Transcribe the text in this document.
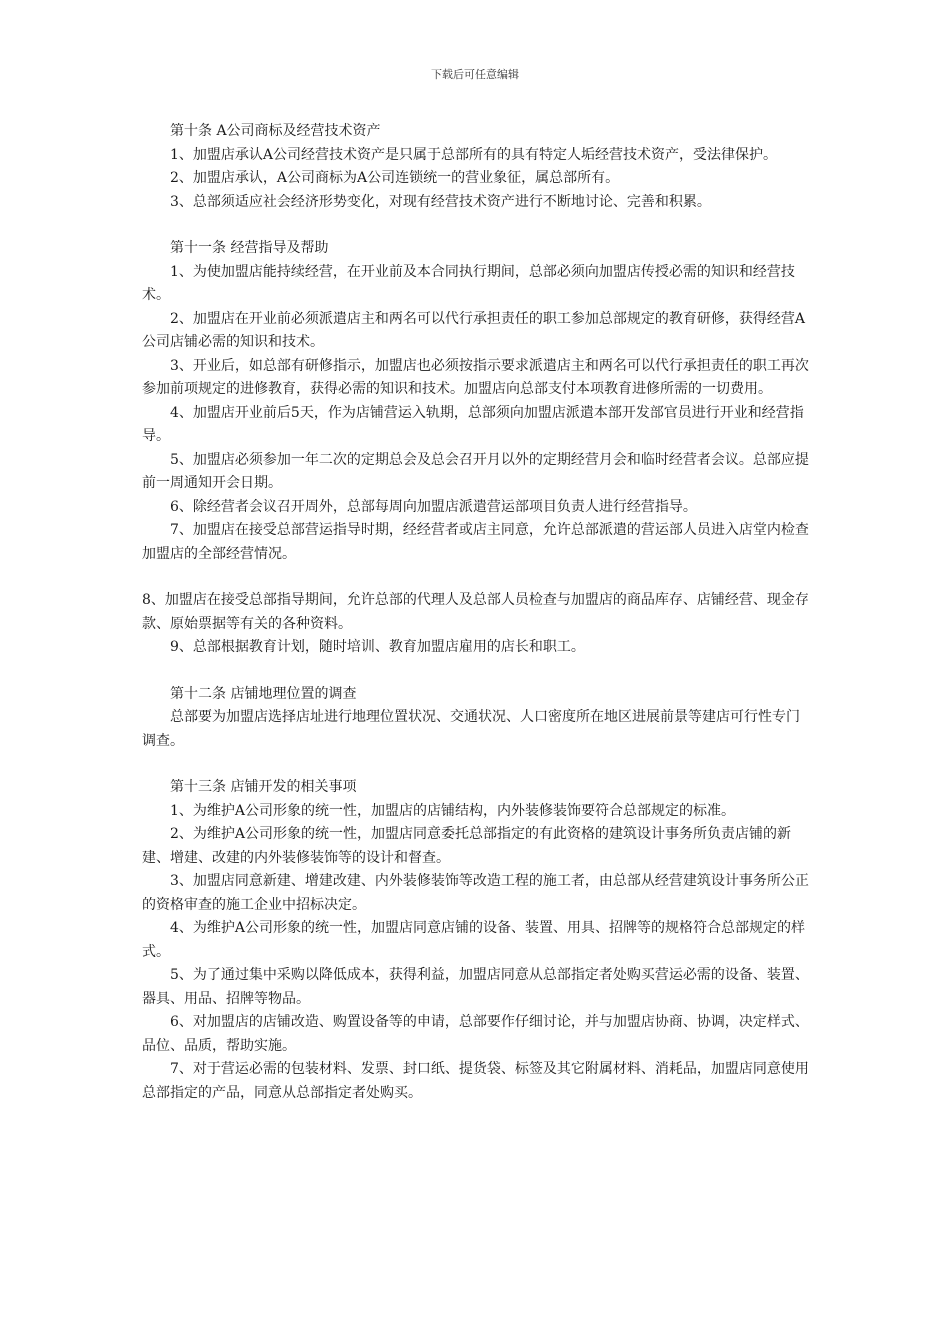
下载后可任意编辑

第十条 A公司商标及经营技术资产

1、加盟店承认A公司经营技术资产是只属于总部所有的具有特定人垢经营技术资产，受法律保护。

2、加盟店承认，A公司商标为A公司连锁统一的营业象征，属总部所有。

3、总部须适应社会经济形势变化，对现有经营技术资产进行不断地讨论、完善和积累。

第十一条 经营指导及帮助

1、为使加盟店能持续经营，在开业前及本合同执行期间，总部必须向加盟店传授必需的知识和经营技术。

2、加盟店在开业前必须派遣店主和两名可以代行承担责任的职工参加总部规定的教育研修，获得经营A公司店铺必需的知识和技术。

3、开业后，如总部有研修指示，加盟店也必须按指示要求派遣店主和两名可以代行承担责任的职工再次参加前项规定的进修教育，获得必需的知识和技术。加盟店向总部支付本项教育进修所需的一切费用。

4、加盟店开业前后5天，作为店铺营运入轨期，总部须向加盟店派遣本部开发部官员进行开业和经营指导。

5、加盟店必须参加一年二次的定期总会及总会召开月以外的定期经营月会和临时经营者会议。总部应提前一周通知开会日期。

6、除经营者会议召开周外，总部每周向加盟店派遣营运部项目负责人进行经营指导。

7、加盟店在接受总部营运指导时期，经经营者或店主同意，允许总部派遣的营运部人员进入店堂内检查加盟店的全部经营情况。

8、加盟店在接受总部指导期间，允许总部的代理人及总部人员检查与加盟店的商品库存、店铺经营、现金存款、原始票据等有关的各种资料。

9、总部根据教育计划，随时培训、教育加盟店雇用的店长和职工。

第十二条 店铺地理位置的调查

总部要为加盟店选择店址进行地理位置状况、交通状况、人口密度所在地区进展前景等建店可行性专门调查。

第十三条 店铺开发的相关事项

1、为维护A公司形象的统一性，加盟店的店铺结构，内外装修装饰要符合总部规定的标准。

2、为维护A公司形象的统一性，加盟店同意委托总部指定的有此资格的建筑设计事务所负责店铺的新建、增建、改建的内外装修装饰等的设计和督查。

3、加盟店同意新建、增建改建、内外装修装饰等改造工程的施工者，由总部从经营建筑设计事务所公正的资格审查的施工企业中招标决定。

4、为维护A公司形象的统一性，加盟店同意店铺的设备、装置、用具、招牌等的规格符合总部规定的样式。

5、为了通过集中采购以降低成本，获得利益，加盟店同意从总部指定者处购买营运必需的设备、装置、器具、用品、招牌等物品。

6、对加盟店的店铺改造、购置设备等的申请，总部要作仔细讨论，并与加盟店协商、协调，决定样式、品位、品质，帮助实施。

7、对于营运必需的包装材料、发票、封口纸、提货袋、标签及其它附属材料、消耗品，加盟店同意使用总部指定的产品，同意从总部指定者处购买。
